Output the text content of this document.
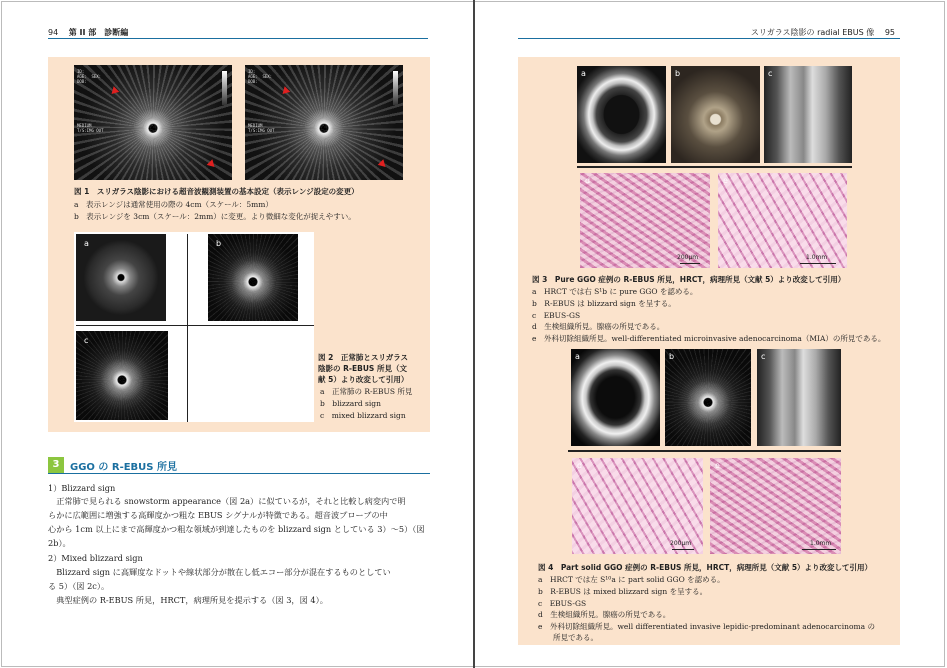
94 第 II 部　診断編
ID:
AGE:  SEX:
DOB:
MEDIUM
T/S:IMG OUT
ID:
AGE:  SEX:
DOB:
MEDIUM
T/S:IMG OUT
図 1　スリガラス陰影における超音波観測装置の基本設定（表示レンジ設定の変更）
a　表示レンジは通常使用の際の 4cm（スケール：5mm）
b　表示レンジを 3cm（スケール：2mm）に変更。より微細な変化が捉えやすい。
a	b
c
図 2　正常肺とスリガラス
陰影の R-EBUS 所見（文
献 5）より改変して引用）
a　正常肺の R-EBUS 所見
b　blizzard sign
c　mixed blizzard sign
3	GGO の R-EBUS 所見
1）Blizzard sign
　正常肺で見られる snowstorm appearance（図 2a）に似ているが，それと比較し病変内で明
らかに広範囲に増強する高輝度かつ粗な EBUS シグナルが特徴である。超音波プローブの中
心から 1cm 以上にまで高輝度かつ粗な領域が到達したものを blizzard sign としている 3）〜5）（図
2b）。
2）Mixed blizzard sign
　Blizzard sign に高輝度なドットや線状部分が散在し低エコー部分が混在するものとしてい
る 5）（図 2c）。
　典型症例の R-EBUS 所見，HRCT，病理所見を提示する（図 3，図 4）。
スリガラス陰影の radial EBUS 像 95
a	b	c
d
200μm
e
1.0mm
図 3　Pure GGO 症例の R-EBUS 所見，HRCT，病理所見（文献 5）より改変して引用）
a　HRCT では右 S¹b に pure GGO を認める。
b　R-EBUS は blizzard sign を呈する。
c　EBUS-GS
d　生検組織所見。腺癌の所見である。
e　外科切除組織所見。well-differentiated microinvasive adenocarcinoma（MIA）の所見である。
a	b	c
d
200μm
e
1.0mm
図 4　Part solid GGO 症例の R-EBUS 所見，HRCT，病理所見（文献 5）より改変して引用）
a　HRCT では左 S¹⁰a に part solid GGO を認める。
b　R-EBUS は mixed blizzard sign を呈する。
c　EBUS-GS
d　生検組織所見。腺癌の所見である。
e　外科切除組織所見。well differentiated invasive lepidic-predominant adenocarcinoma の
　　所見である。
